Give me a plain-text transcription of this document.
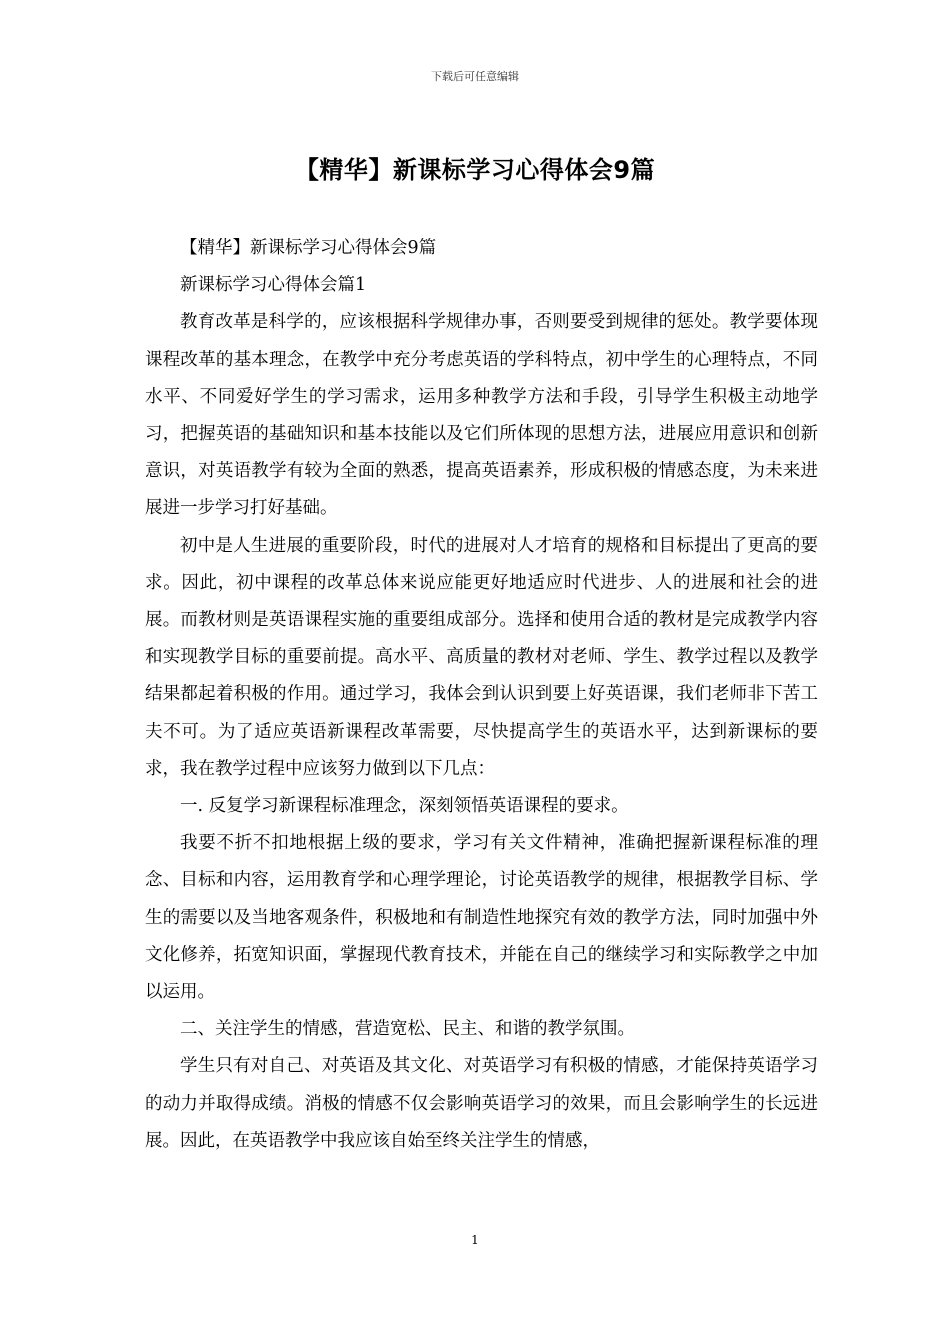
下载后可任意编辑
【精华】新课标学习心得体会9篇

【精华】新课标学习心得体会9篇

新课标学习心得体会篇1

教育改革是科学的，应该根据科学规律办事，否则要受到规律的惩处。教学要体现课程改革的基本理念，在教学中充分考虑英语的学科特点，初中学生的心理特点，不同水平、不同爱好学生的学习需求，运用多种教学方法和手段，引导学生积极主动地学习，把握英语的基础知识和基本技能以及它们所体现的思想方法，进展应用意识和创新意识，对英语教学有较为全面的熟悉，提高英语素养，形成积极的情感态度，为未来进展进一步学习打好基础。

初中是人生进展的重要阶段，时代的进展对人才培育的规格和目标提出了更高的要求。因此，初中课程的改革总体来说应能更好地适应时代进步、人的进展和社会的进展。而教材则是英语课程实施的重要组成部分。选择和使用合适的教材是完成教学内容和实现教学目标的重要前提。高水平、高质量的教材对老师、学生、教学过程以及教学结果都起着积极的作用。通过学习，我体会到认识到要上好英语课，我们老师非下苦工夫不可。为了适应英语新课程改革需要，尽快提高学生的英语水平，达到新课标的要求，我在教学过程中应该努力做到以下几点：

一. 反复学习新课程标准理念，深刻领悟英语课程的要求。

我要不折不扣地根据上级的要求，学习有关文件精神，准确把握新课程标准的理念、目标和内容，运用教育学和心理学理论，讨论英语教学的规律，根据教学目标、学生的需要以及当地客观条件，积极地和有制造性地探究有效的教学方法，同时加强中外文化修养，拓宽知识面，掌握现代教育技术，并能在自己的继续学习和实际教学之中加以运用。

二、关注学生的情感，营造宽松、民主、和谐的教学氛围。

学生只有对自己、对英语及其文化、对英语学习有积极的情感，才能保持英语学习的动力并取得成绩。消极的情感不仅会影响英语学习的效果，而且会影响学生的长远进展。因此，在英语教学中我应该自始至终关注学生的情感，

1
